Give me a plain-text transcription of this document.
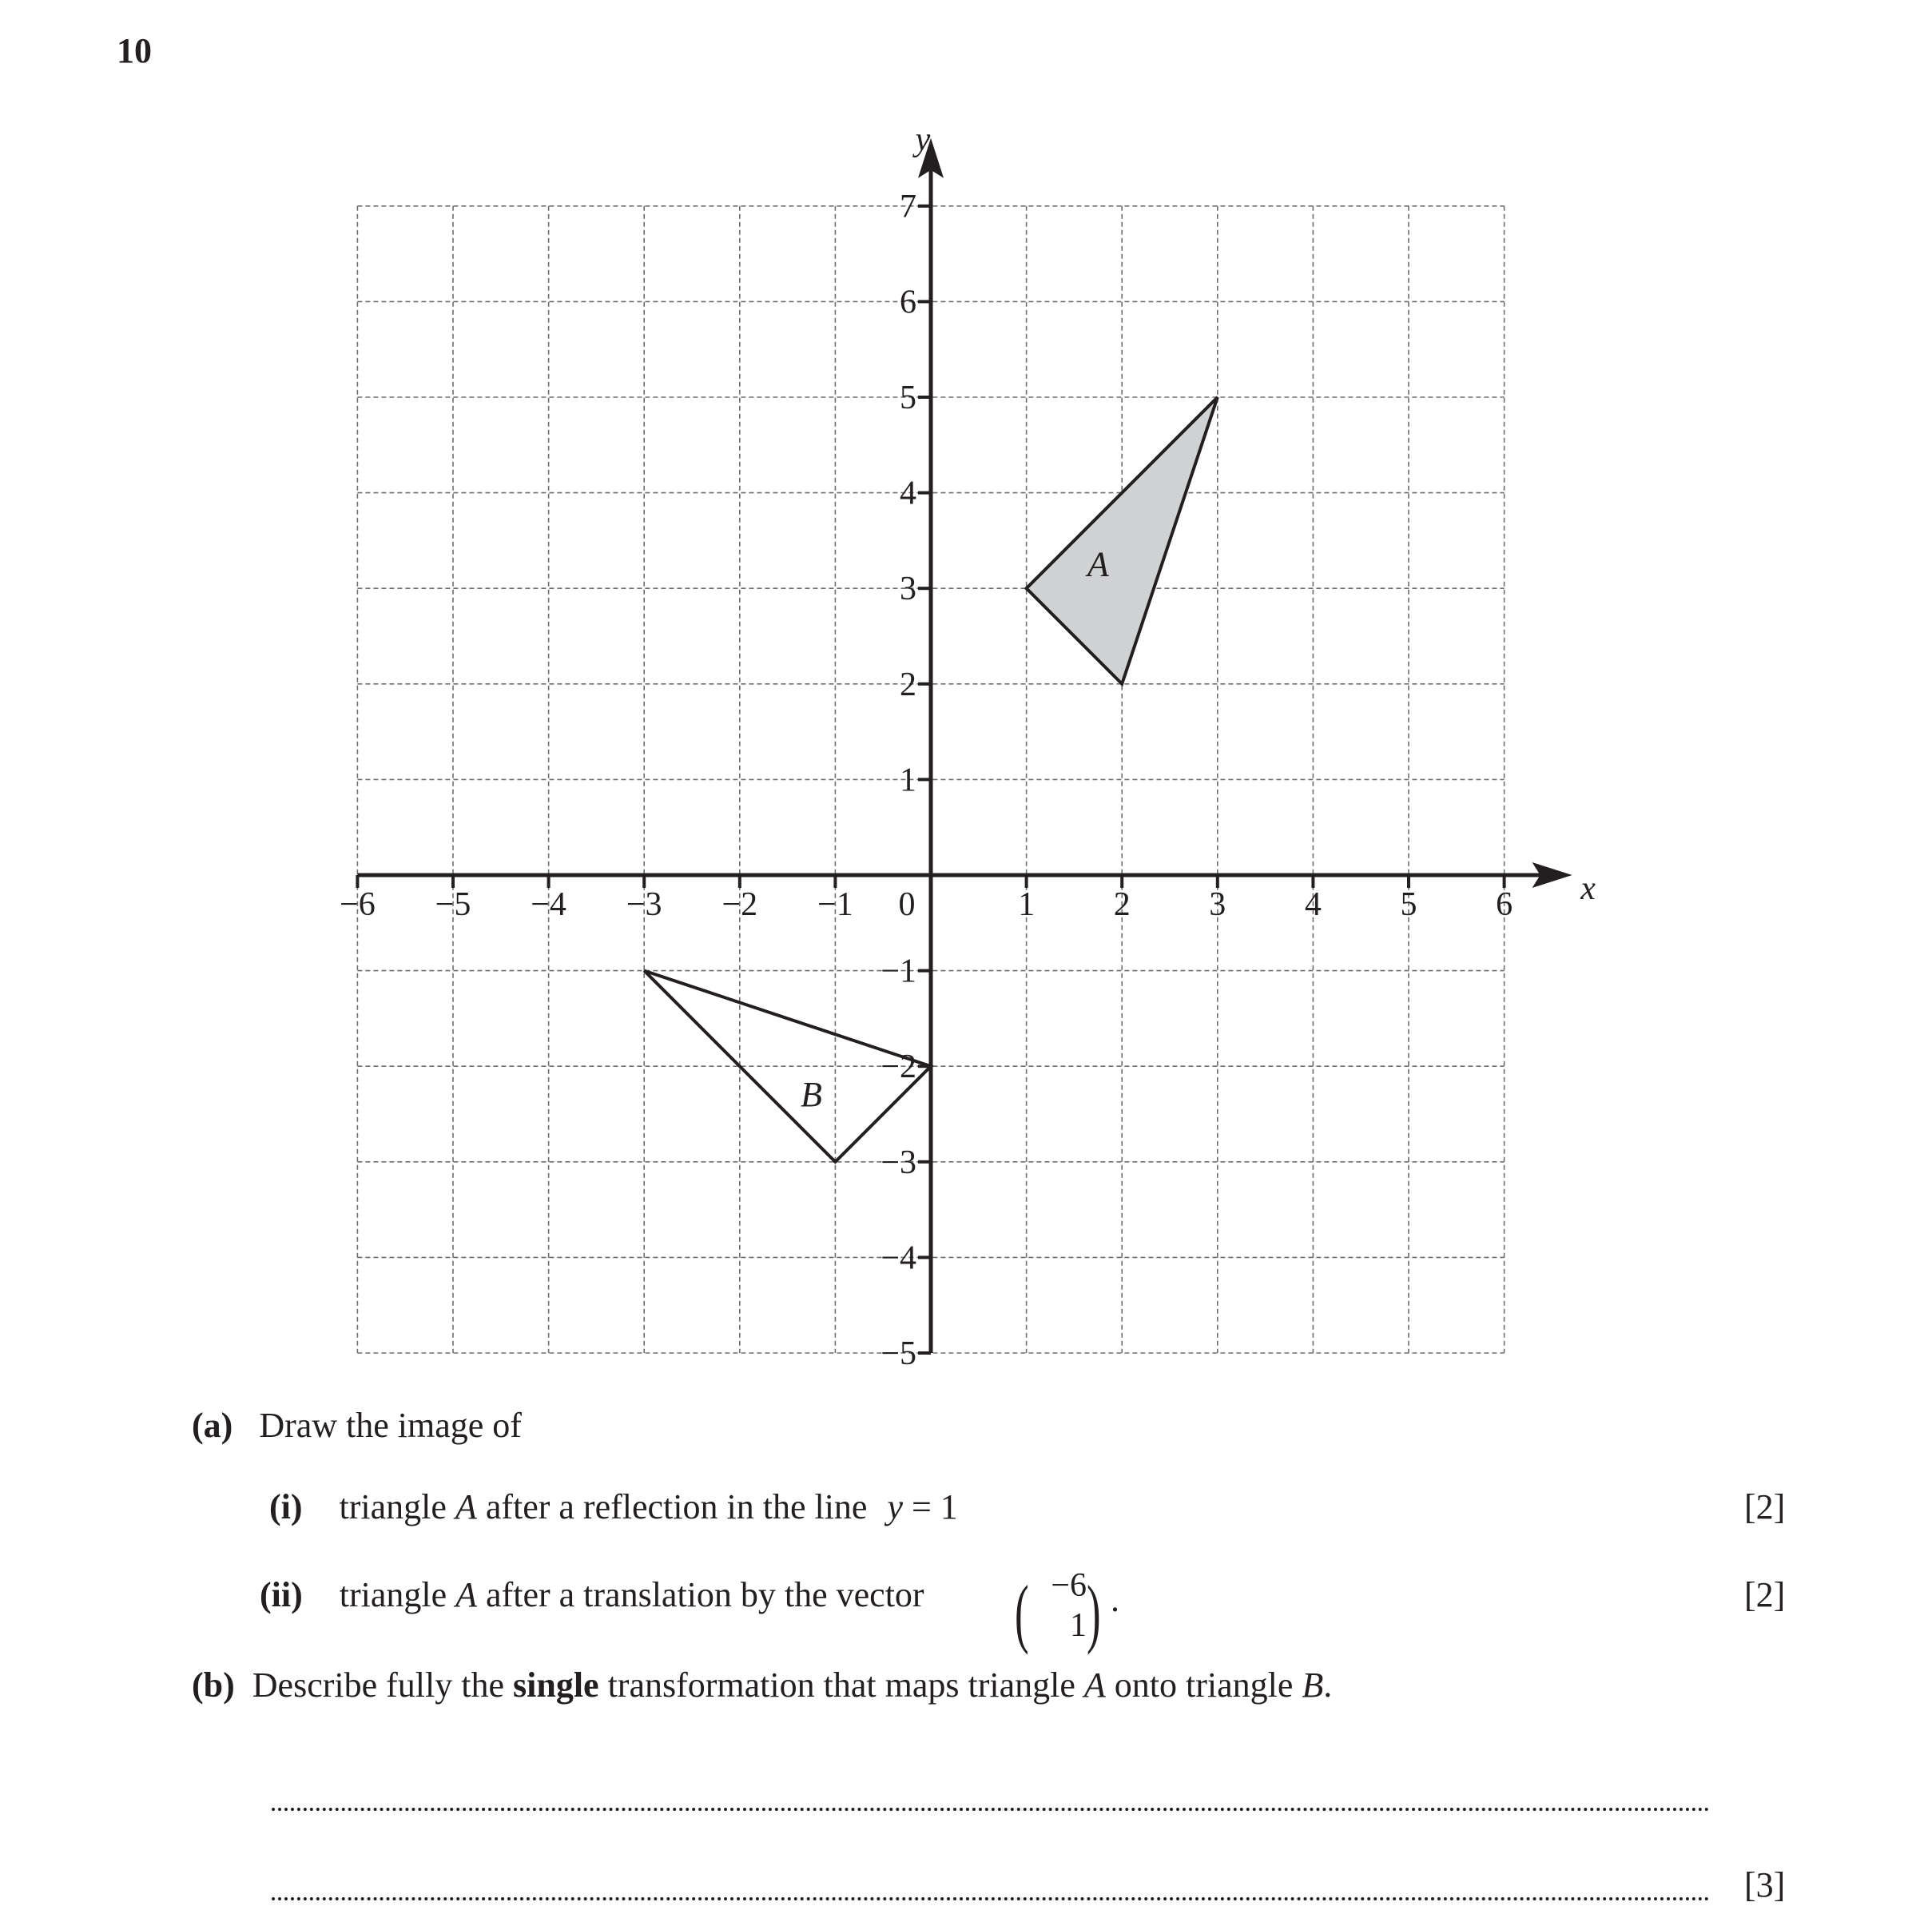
10
A
B
x
y
−6 −5 −4 −3 −2 −1	1 2 3 4 5 6
7
6
5
4
3
2
1
−1
−2
−3
−4
−5
0
(a) Draw the image of
(i) triangle A after a reflection in the line y = 1	[2]
(ii) triangle A after a translation by the vector ( −6
1 ) .	[2]
(b) Describe fully the single transformation that maps triangle A onto triangle B.
[3]
